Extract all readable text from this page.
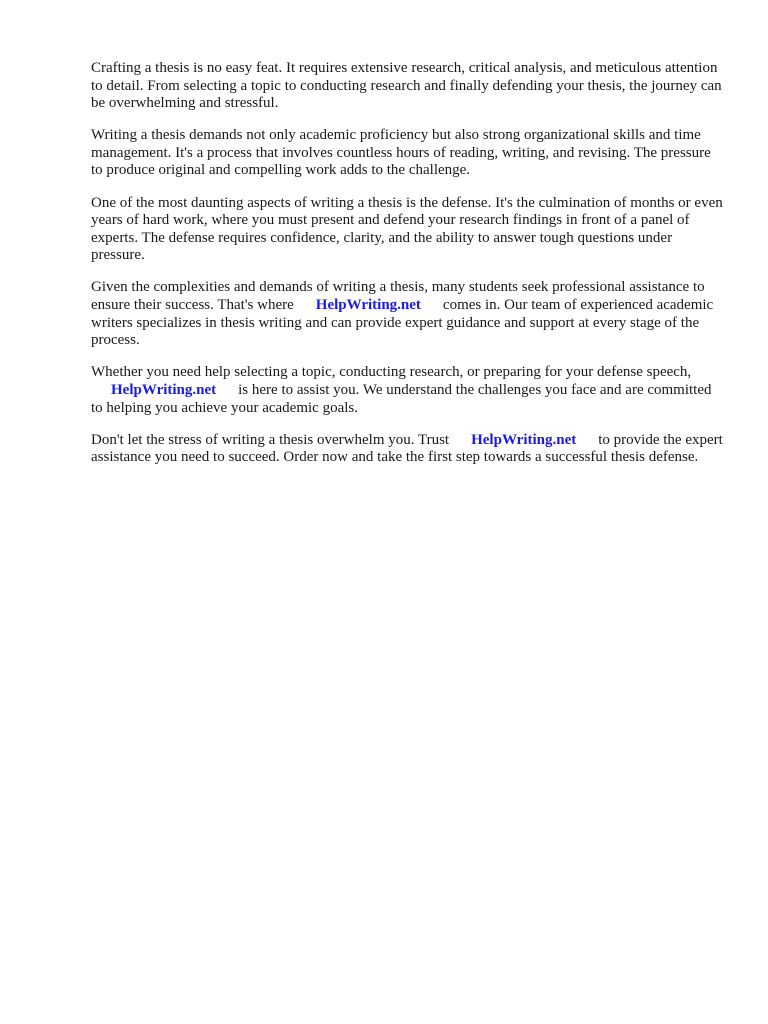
Crafting a thesis is no easy feat. It requires extensive research, critical analysis, and meticulous attention to detail. From selecting a topic to conducting research and finally defending your thesis, the journey can be overwhelming and stressful.

Writing a thesis demands not only academic proficiency but also strong organizational skills and time management. It's a process that involves countless hours of reading, writing, and revising. The pressure to produce original and compelling work adds to the challenge.

One of the most daunting aspects of writing a thesis is the defense. It's the culmination of months or even years of hard work, where you must present and defend your research findings in front of a panel of experts. The defense requires confidence, clarity, and the ability to answer tough questions under pressure.

Given the complexities and demands of writing a thesis, many students seek professional assistance to ensure their success. That's where HelpWriting.net comes in. Our team of experienced academic writers specializes in thesis writing and can provide expert guidance and support at every stage of the process.

Whether you need help selecting a topic, conducting research, or preparing for your defense speech,
HelpWriting.net is here to assist you. We understand the challenges you face and are committed to helping you achieve your academic goals.

Don't let the stress of writing a thesis overwhelm you. Trust HelpWriting.net to provide the expert assistance you need to succeed. Order now and take the first step towards a successful thesis defense.
